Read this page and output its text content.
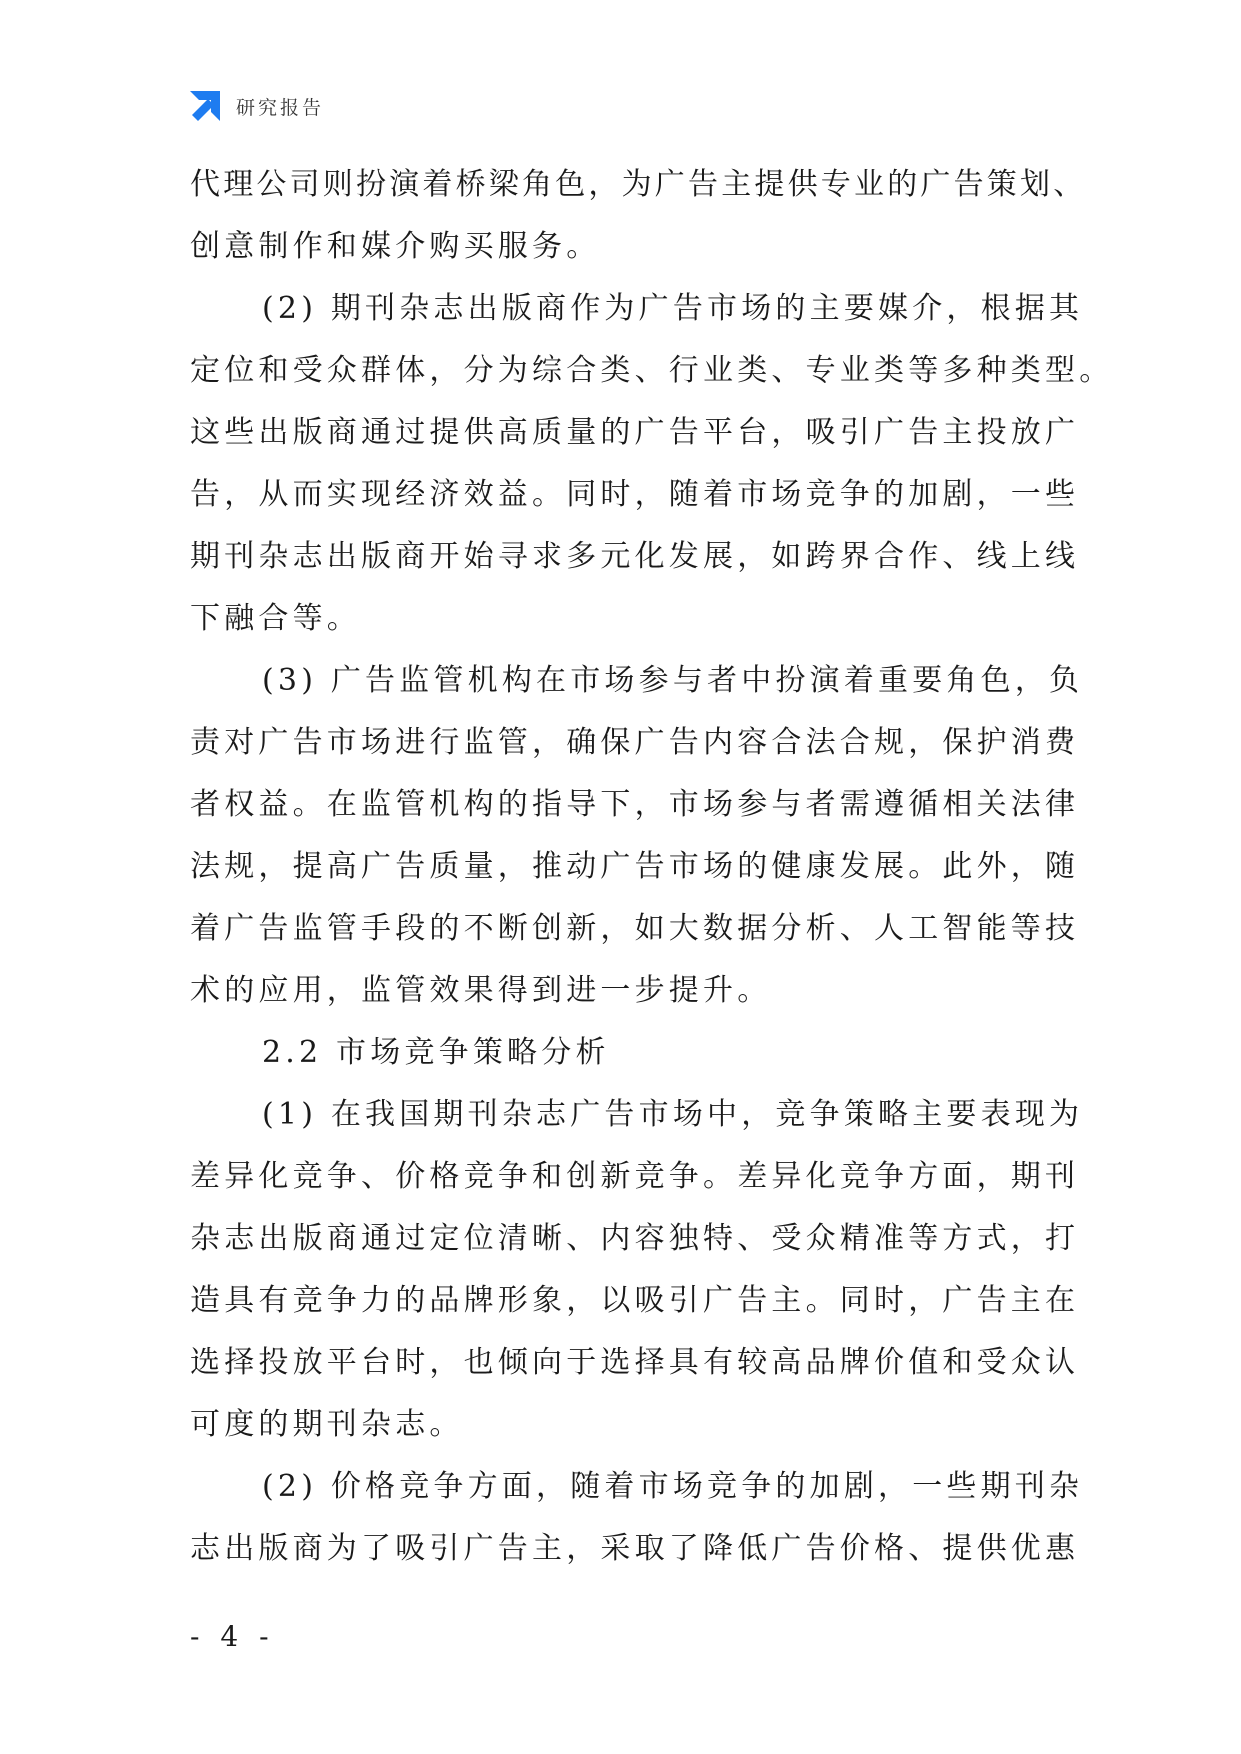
研究报告
代理公司则扮演着桥梁角色，为广告主提供专业的广告策划、
创意制作和媒介购买服务。
(2) 期刊杂志出版商作为广告市场的主要媒介，根据其
定位和受众群体，分为综合类、行业类、专业类等多种类型。
这些出版商通过提供高质量的广告平台，吸引广告主投放广
告，从而实现经济效益。同时，随着市场竞争的加剧，一些
期刊杂志出版商开始寻求多元化发展，如跨界合作、线上线
下融合等。
(3) 广告监管机构在市场参与者中扮演着重要角色，负
责对广告市场进行监管，确保广告内容合法合规，保护消费
者权益。在监管机构的指导下，市场参与者需遵循相关法律
法规，提高广告质量，推动广告市场的健康发展。此外，随
着广告监管手段的不断创新，如大数据分析、人工智能等技
术的应用，监管效果得到进一步提升。
2.2 市场竞争策略分析
(1) 在我国期刊杂志广告市场中，竞争策略主要表现为
差异化竞争、价格竞争和创新竞争。差异化竞争方面，期刊
杂志出版商通过定位清晰、内容独特、受众精准等方式，打
造具有竞争力的品牌形象，以吸引广告主。同时，广告主在
选择投放平台时，也倾向于选择具有较高品牌价值和受众认
可度的期刊杂志。
(2) 价格竞争方面，随着市场竞争的加剧，一些期刊杂
志出版商为了吸引广告主，采取了降低广告价格、提供优惠
- 4 -
